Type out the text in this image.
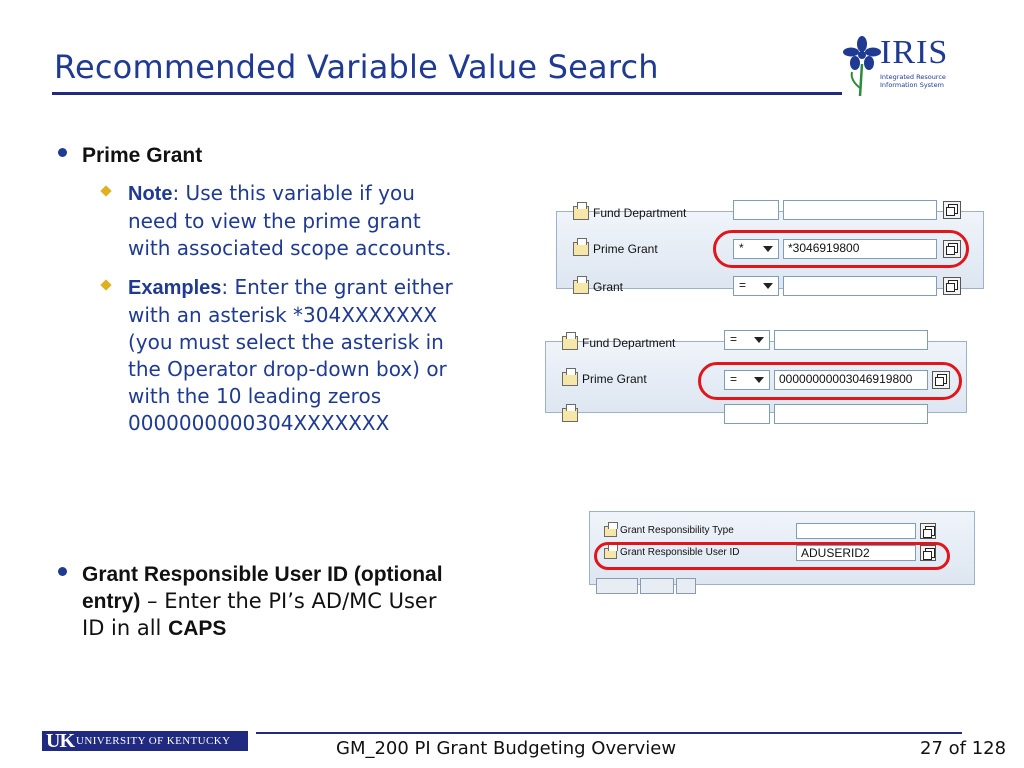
Recommended Variable Value Search	IRIS
Integrated Resource
Information System
Prime Grant
Note: Use this variable if you
need to view the prime grant
with associated scope accounts.
Examples: Enter the grant either
with an asterisk *304XXXXXXX
(you must select the asterisk in
the Operator drop-down box) or
with the 10 leading zeros
0000000000304XXXXXXX
Grant Responsible User ID (optional
entry) – Enter the PI’s AD/MC User
ID in all CAPS
Fund Department
Prime Grant	*	*3046919800
Grant	=
Fund Department	=
Prime Grant	=	00000000003046919800
Grant Responsibility Type
Grant Responsible User ID	ADUSERID2
UK UNIVERSITY OF KENTUCKY	GM_200 PI Grant Budgeting Overview	27 of 128
